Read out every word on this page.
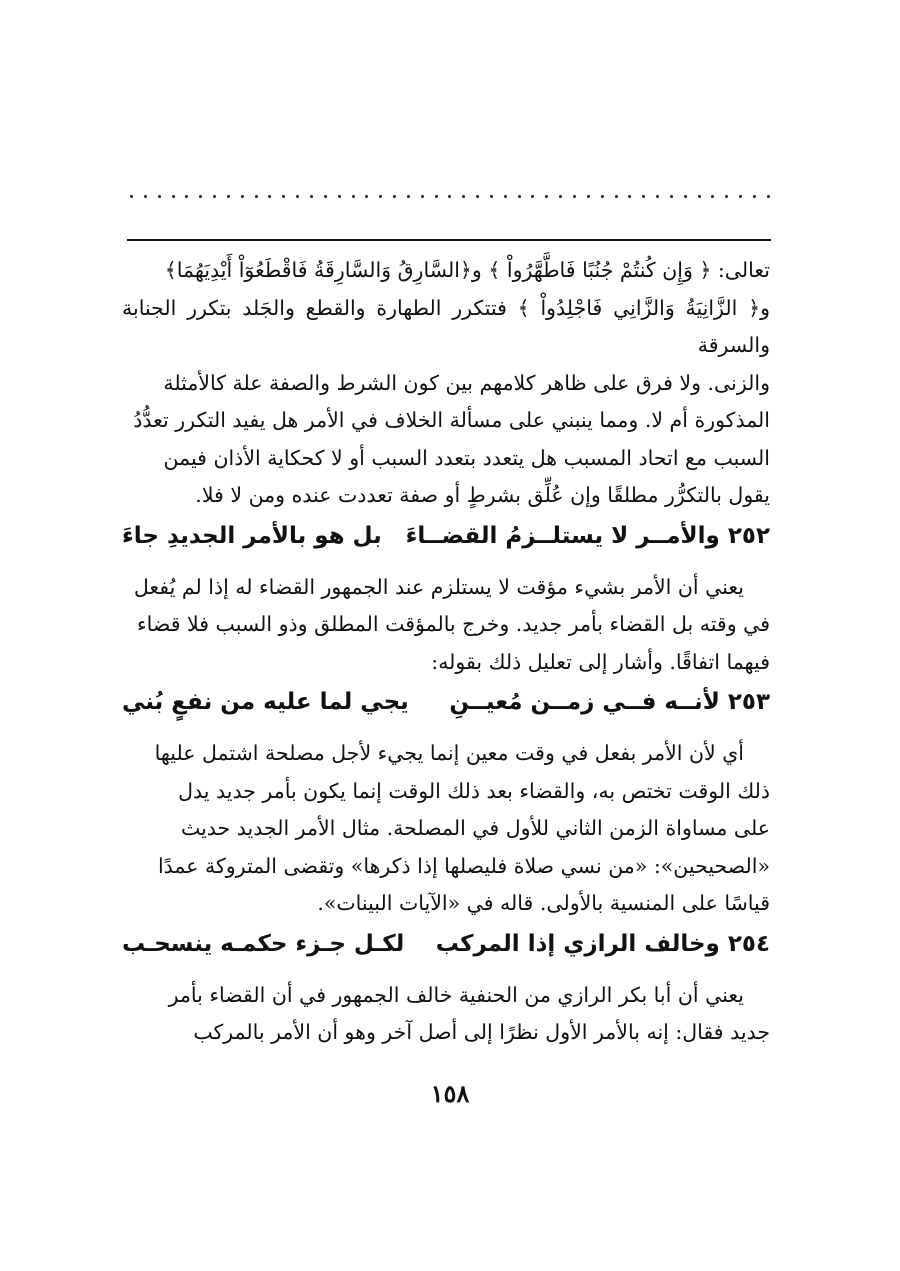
تعالى: ﴿ وَإِن كُنتُمْ جُنُبًا فَاطَّهَّرُواْ ﴾ و﴿السَّارِقُ وَالسَّارِقَةُ فَاقْطَعُوٓاْ أَيْدِيَهُمَا﴾

و﴿ الزَّانِيَةُ وَالزَّانِي فَاجْلِدُواْ ﴾ فتتكرر الطهارة والقطع والجَلد بتكرر الجنابة والسرقة

والزنى. ولا فرق على ظاهر كلامهم بين كون الشرط والصفة علة كالأمثلة

المذكورة أم لا. ومما ينبني على مسألة الخلاف في الأمر هل يفيد التكرر تعدُّدُ

السبب مع اتحاد المسبب هل يتعدد بتعدد السبب أو لا كحكاية الأذان فيمن

يقول بالتكرُّر مطلقًا وإن عُلِّق بشرطٍ أو صفة تعددت عنده ومن لا فلا.

٢٥٢ والأمــر لا يستلــزمُ القضــاءَ
بل هو بالأمر الجديدِ جاءَ

يعني أن الأمر بشيء مؤقت لا يستلزم عند الجمهور القضاء له إذا لم يُفعل

في وقته بل القضاء بأمر جديد. وخرج بالمؤقت المطلق وذو السبب فلا قضاء

فيهما اتفاقًا. وأشار إلى تعليل ذلك بقوله:

٢٥٣ لأنــه فــي زمــن مُعيــنِ
يجي لما عليه من نفعٍ بُني

أي لأن الأمر بفعل في وقت معين إنما يجيء لأجل مصلحة اشتمل عليها

ذلك الوقت تختص به، والقضاء بعد ذلك الوقت إنما يكون بأمر جديد يدل

على مساواة الزمن الثاني للأول في المصلحة. مثال الأمر الجديد حديث

«الصحيحين»: «من نسي صلاة فليصلها إذا ذكرها» وتقضى المتروكة عمدًا

قياسًا على المنسية بالأولى. قاله في «الآيات البينات».

٢٥٤ وخالف الرازي إذا المركب
لكـل جـزء حكمـه ينسحـب

يعني أن أبا بكر الرازي من الحنفية خالف الجمهور في أن القضاء بأمر

جديد فقال: إنه بالأمر الأول نظرًا إلى أصل آخر وهو أن الأمر بالمركب

١٥٨
